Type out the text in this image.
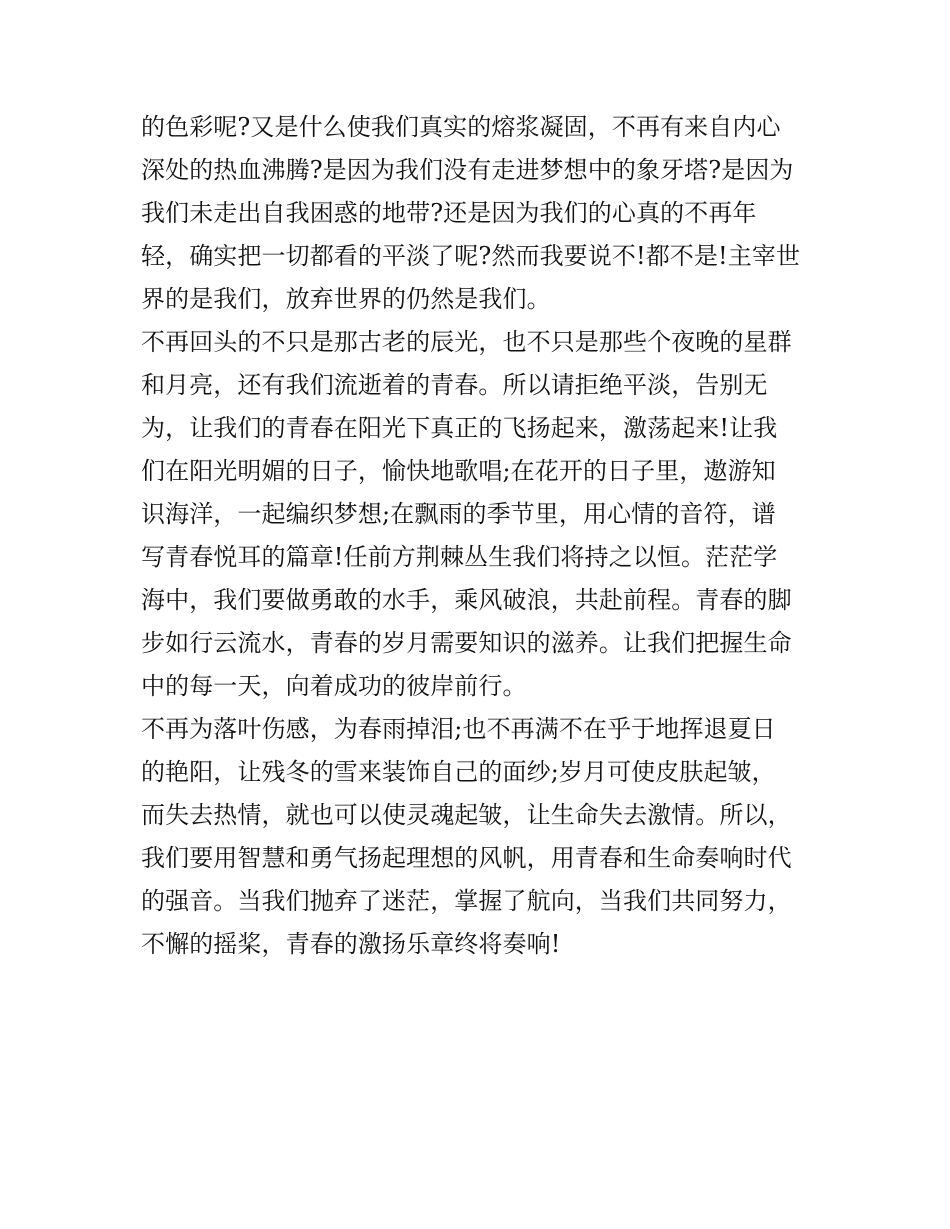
的色彩呢?又是什么使我们真实的熔浆凝固，不再有来自内心
深处的热血沸腾?是因为我们没有走进梦想中的象牙塔?是因为
我们未走出自我困惑的地带?还是因为我们的心真的不再年
轻，确实把一切都看的平淡了呢?然而我要说不!都不是!主宰世
界的是我们，放弃世界的仍然是我们。
不再回头的不只是那古老的辰光，也不只是那些个夜晚的星群
和月亮，还有我们流逝着的青春。所以请拒绝平淡，告别无
为，让我们的青春在阳光下真正的飞扬起来，激荡起来!让我
们在阳光明媚的日子，愉快地歌唱;在花开的日子里，遨游知
识海洋，一起编织梦想;在飘雨的季节里，用心情的音符，谱
写青春悦耳的篇章!任前方荆棘丛生我们将持之以恒。茫茫学
海中，我们要做勇敢的水手，乘风破浪，共赴前程。青春的脚
步如行云流水，青春的岁月需要知识的滋养。让我们把握生命
中的每一天，向着成功的彼岸前行。
不再为落叶伤感，为春雨掉泪;也不再满不在乎于地挥退夏日
的艳阳，让残冬的雪来装饰自己的面纱;岁月可使皮肤起皱，
而失去热情，就也可以使灵魂起皱，让生命失去激情。所以，
我们要用智慧和勇气扬起理想的风帆，用青春和生命奏响时代
的强音。当我们抛弃了迷茫，掌握了航向，当我们共同努力，
不懈的摇桨，青春的激扬乐章终将奏响!
